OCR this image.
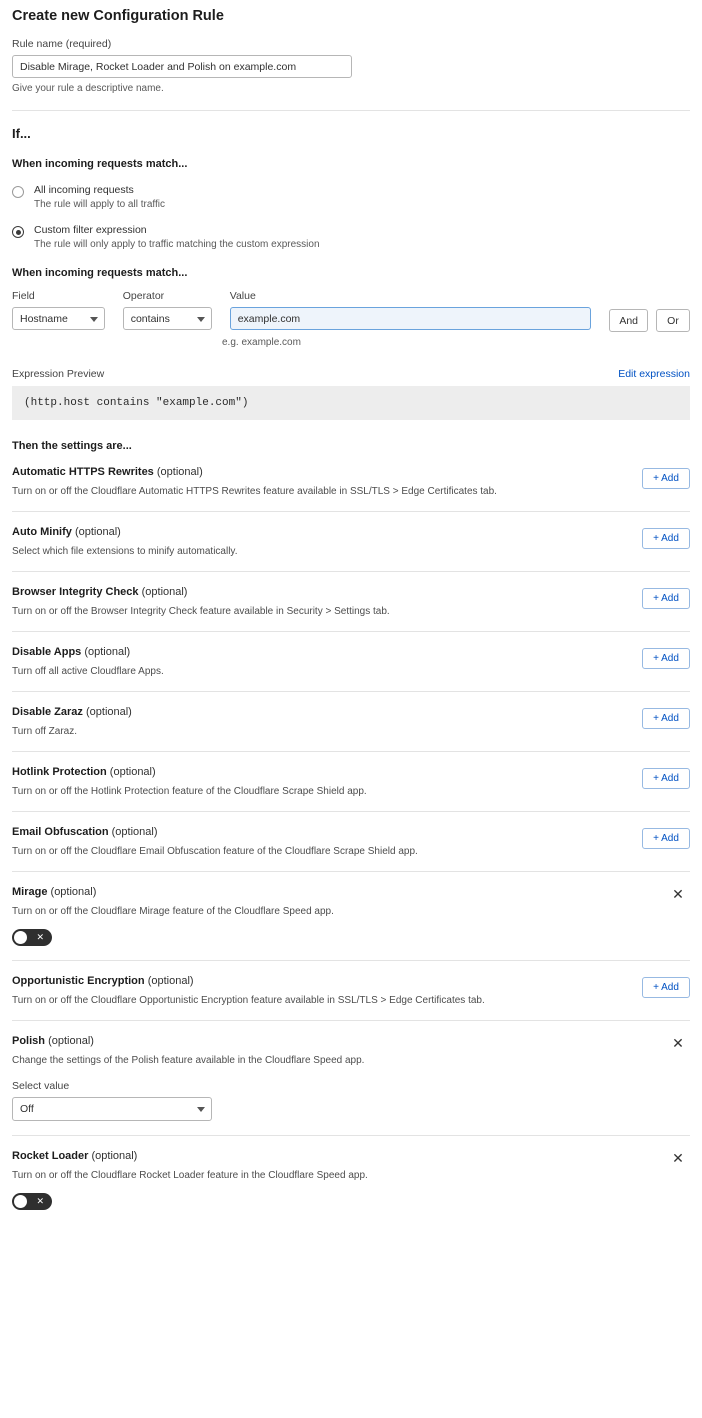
Create new Configuration Rule
Rule name (required)
Disable Mirage, Rocket Loader and Polish on example.com
Give your rule a descriptive name.
If...
When incoming requests match...
All incoming requests
The rule will apply to all traffic
Custom filter expression
The rule will only apply to traffic matching the custom expression
When incoming requests match...
Field
Hostname
Operator
contains
Value
example.com
And	Or
e.g. example.com
Expression Preview	Edit expression
(http.host contains "example.com")
Then the settings are...
Automatic HTTPS Rewrites (optional)
Turn on or off the Cloudflare Automatic HTTPS Rewrites feature available in SSL/TLS > Edge Certificates tab.
+ Add
Auto Minify (optional)
Select which file extensions to minify automatically.
+ Add
Browser Integrity Check (optional)
Turn on or off the Browser Integrity Check feature available in Security > Settings tab.
+ Add
Disable Apps (optional)
Turn off all active Cloudflare Apps.
+ Add
Disable Zaraz (optional)
Turn off Zaraz.
+ Add
Hotlink Protection (optional)
Turn on or off the Hotlink Protection feature of the Cloudflare Scrape Shield app.
+ Add
Email Obfuscation (optional)
Turn on or off the Cloudflare Email Obfuscation feature of the Cloudflare Scrape Shield app.
+ Add
Mirage (optional)
Turn on or off the Cloudflare Mirage feature of the Cloudflare Speed app.
✕
✕
Opportunistic Encryption (optional)
Turn on or off the Cloudflare Opportunistic Encryption feature available in SSL/TLS > Edge Certificates tab.
+ Add
Polish (optional)
Change the settings of the Polish feature available in the Cloudflare Speed app.
Select value
Off
✕
Rocket Loader (optional)
Turn on or off the Cloudflare Rocket Loader feature in the Cloudflare Speed app.
✕
✕
